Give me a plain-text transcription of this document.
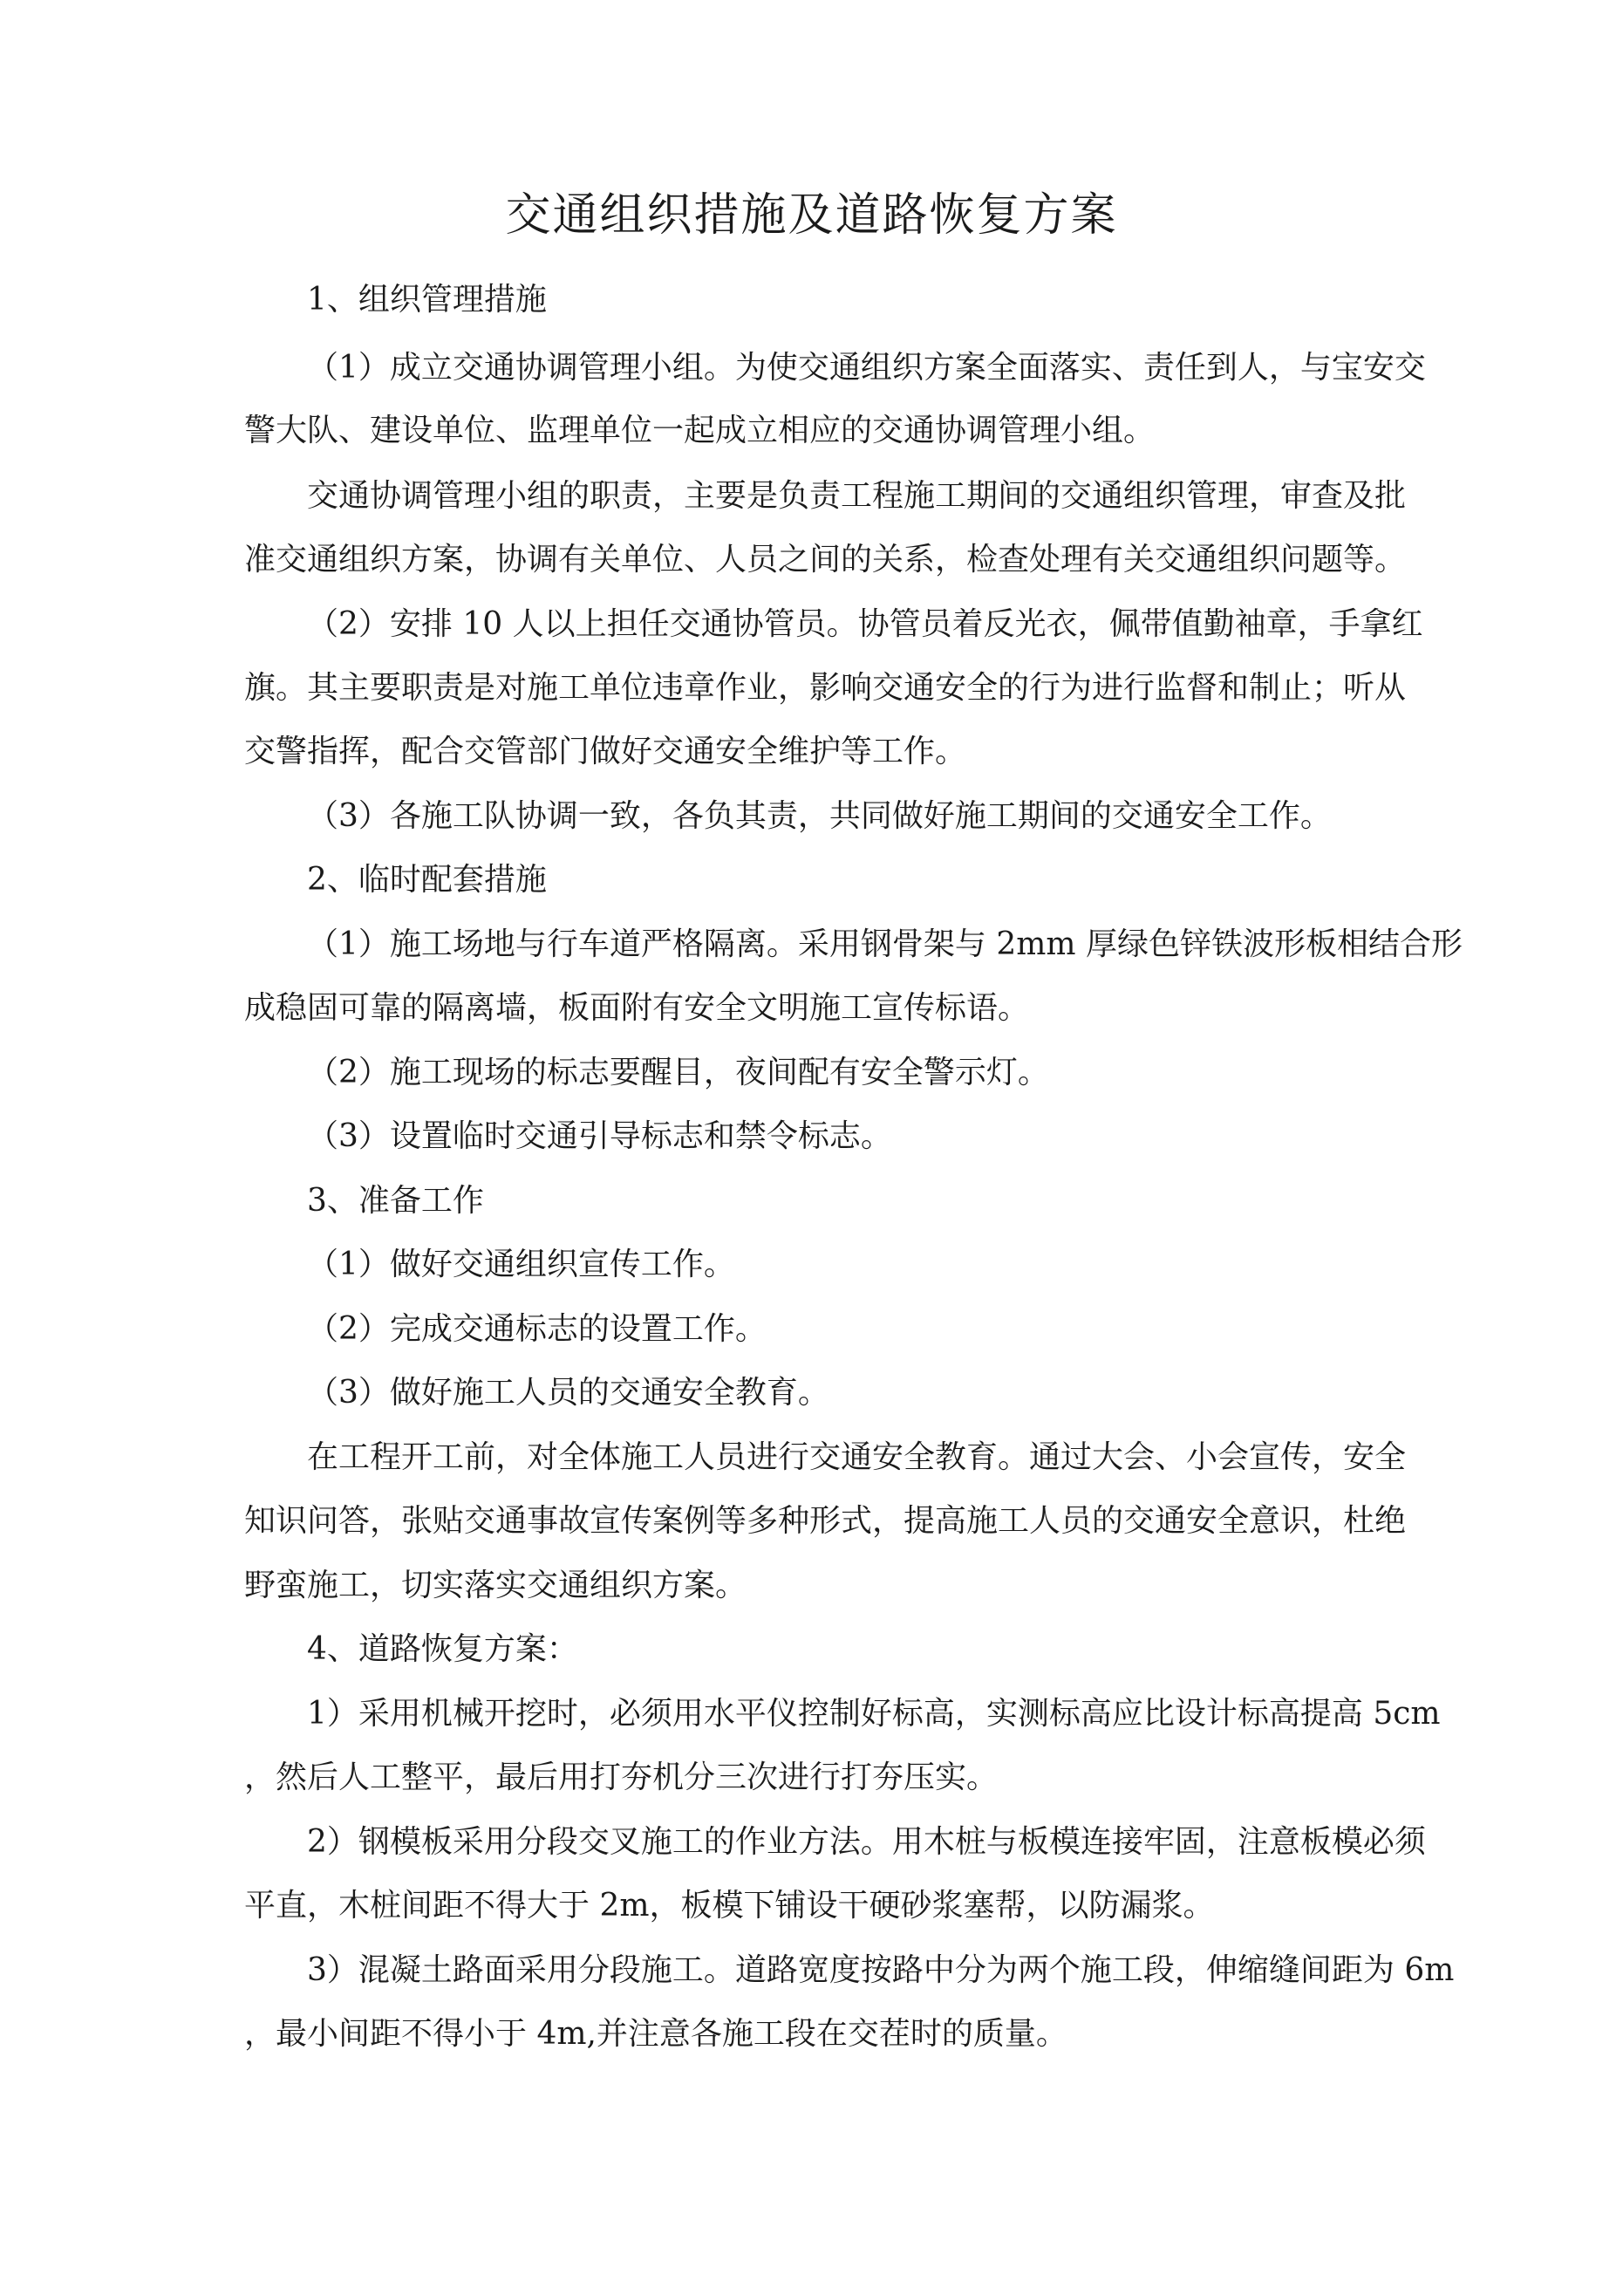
交通组织措施及道路恢复方案
1、组织管理措施
（1）成立交通协调管理小组。为使交通组织方案全面落实、责任到人，与宝安交
警大队、建设单位、监理单位一起成立相应的交通协调管理小组。
交通协调管理小组的职责，主要是负责工程施工期间的交通组织管理，审查及批
准交通组织方案，协调有关单位、人员之间的关系，检查处理有关交通组织问题等。
（2）安排 10 人以上担任交通协管员。协管员着反光衣，佩带值勤袖章，手拿红
旗。其主要职责是对施工单位违章作业，影响交通安全的行为进行监督和制止；听从
交警指挥，配合交管部门做好交通安全维护等工作。
（3）各施工队协调一致，各负其责，共同做好施工期间的交通安全工作。
2、临时配套措施
（1）施工场地与行车道严格隔离。采用钢骨架与 2mm 厚绿色锌铁波形板相结合形
成稳固可靠的隔离墙，板面附有安全文明施工宣传标语。
（2）施工现场的标志要醒目，夜间配有安全警示灯。
（3）设置临时交通引导标志和禁令标志。
3、准备工作
（1）做好交通组织宣传工作。
（2）完成交通标志的设置工作。
（3）做好施工人员的交通安全教育。
在工程开工前，对全体施工人员进行交通安全教育。通过大会、小会宣传，安全
知识问答，张贴交通事故宣传案例等多种形式，提高施工人员的交通安全意识，杜绝
野蛮施工，切实落实交通组织方案。
4、道路恢复方案：
1）采用机械开挖时，必须用水平仪控制好标高，实测标高应比设计标高提高 5cm
，然后人工整平，最后用打夯机分三次进行打夯压实。
2）钢模板采用分段交叉施工的作业方法。用木桩与板模连接牢固，注意板模必须
平直，木桩间距不得大于 2m，板模下铺设干硬砂浆塞帮，以防漏浆。
3）混凝土路面采用分段施工。道路宽度按路中分为两个施工段，伸缩缝间距为 6m
，最小间距不得小于 4m,并注意各施工段在交茬时的质量。
